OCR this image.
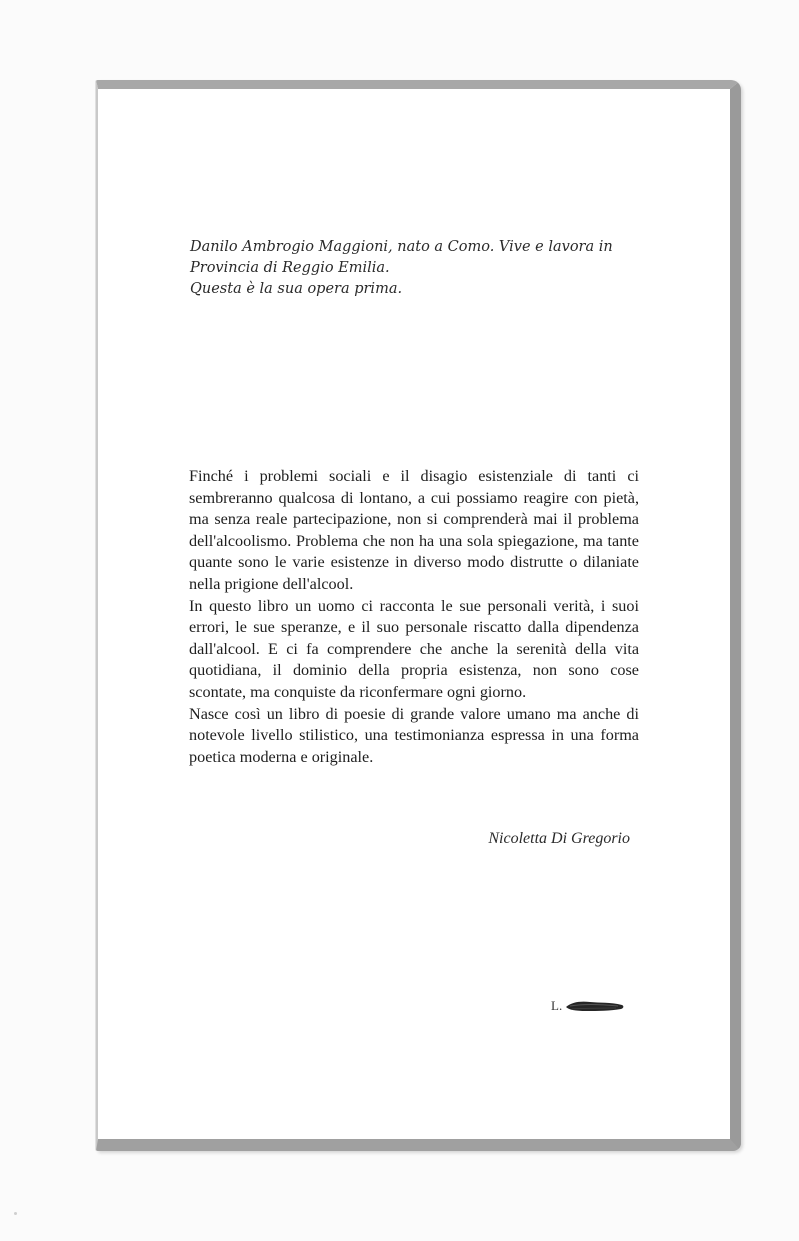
Danilo Ambrogio Maggioni, nato a Como. Vive e lavora in
Provincia di Reggio Emilia.
Questa è la sua opera prima.

Finché i problemi sociali e il disagio esistenziale di tanti ci sembreranno qualcosa di lontano, a cui possiamo reagire con pietà, ma senza reale partecipazione, non si comprenderà mai il problema dell'alcoolismo. Problema che non ha una sola spiegazione, ma tante quante sono le varie esistenze in diverso modo distrutte o dilaniate nella prigione dell'alcool.

In questo libro un uomo ci racconta le sue personali verità, i suoi errori, le sue speranze, e il suo personale riscatto dalla dipendenza dall'alcool. E ci fa comprendere che anche la serenità della vita quotidiana, il dominio della propria esistenza, non sono cose scontate, ma conquiste da riconfermare ogni giorno.

Nasce così un libro di poesie di grande valore umano ma anche di notevole livello stilistico, una testimonianza espressa in una forma poetica moderna e originale.

Nicoletta Di Gregorio
L.
